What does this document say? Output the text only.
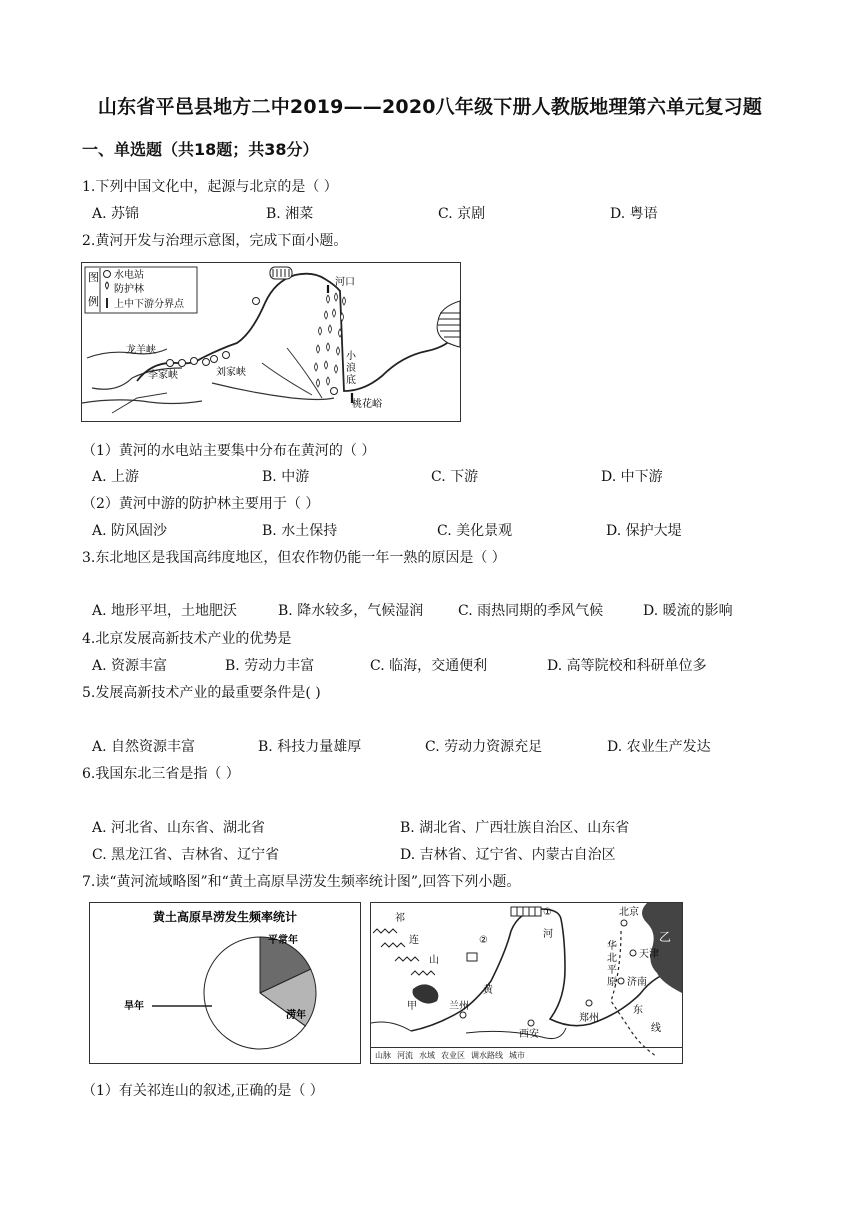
山东省平邑县地方二中2019——2020八年级下册人教版地理第六单元复习题
一、单选题（共18题；共38分）
1.下列中国文化中，起源与北京的是（ ）
A. 苏锦	B. 湘菜	C. 京剧	D. 粤语
2.黄河开发与治理示意图，完成下面小题。
图
例
水电站
防护林
上中下游分界点
河口
龙羊峡
李家峡	刘家峡
桃花峪
小
浪
底
（1）黄河的水电站主要集中分布在黄河的（ ）
A. 上游	B. 中游	C. 下游	D. 中下游
（2）黄河中游的防护林主要用于（ ）
A. 防风固沙	B. 水土保持	C. 美化景观	D. 保护大堤
3.东北地区是我国高纬度地区，但农作物仍能一年一熟的原因是（ ）
A. 地形平坦，土地肥沃	B. 降水较多，气候湿润 C. 雨热同期的季风气候	D. 暖流的影响
4.北京发展高新技术产业的优势是
A. 资源丰富	B. 劳动力丰富	C. 临海，交通便利	D. 高等院校和科研单位多
5.发展高新技术产业的最重要条件是( )
A. 自然资源丰富	B. 科技力量雄厚	C. 劳动力资源充足	D. 农业生产发达
6.我国东北三省是指（ ）
A. 河北省、山东省、湖北省	B. 湖北省、广西壮族自治区、山东省
C. 黑龙江省、吉林省、辽宁省	D. 吉林省、辽宁省、内蒙古自治区
7.读“黄河流域略图”和“黄土高原旱涝发生频率统计图”,回答下列小题。
黄土高原旱涝发生频率统计
平常年
涝年
旱年
祁
连
山
甲
河
黄
兰州
西安
郑州
北京
天津
济南
华
北
平
原
东
线
乙
①
②
山脉 河流 水域 农业区 调水路线 城市
（1）有关祁连山的叙述,正确的是（ ）
